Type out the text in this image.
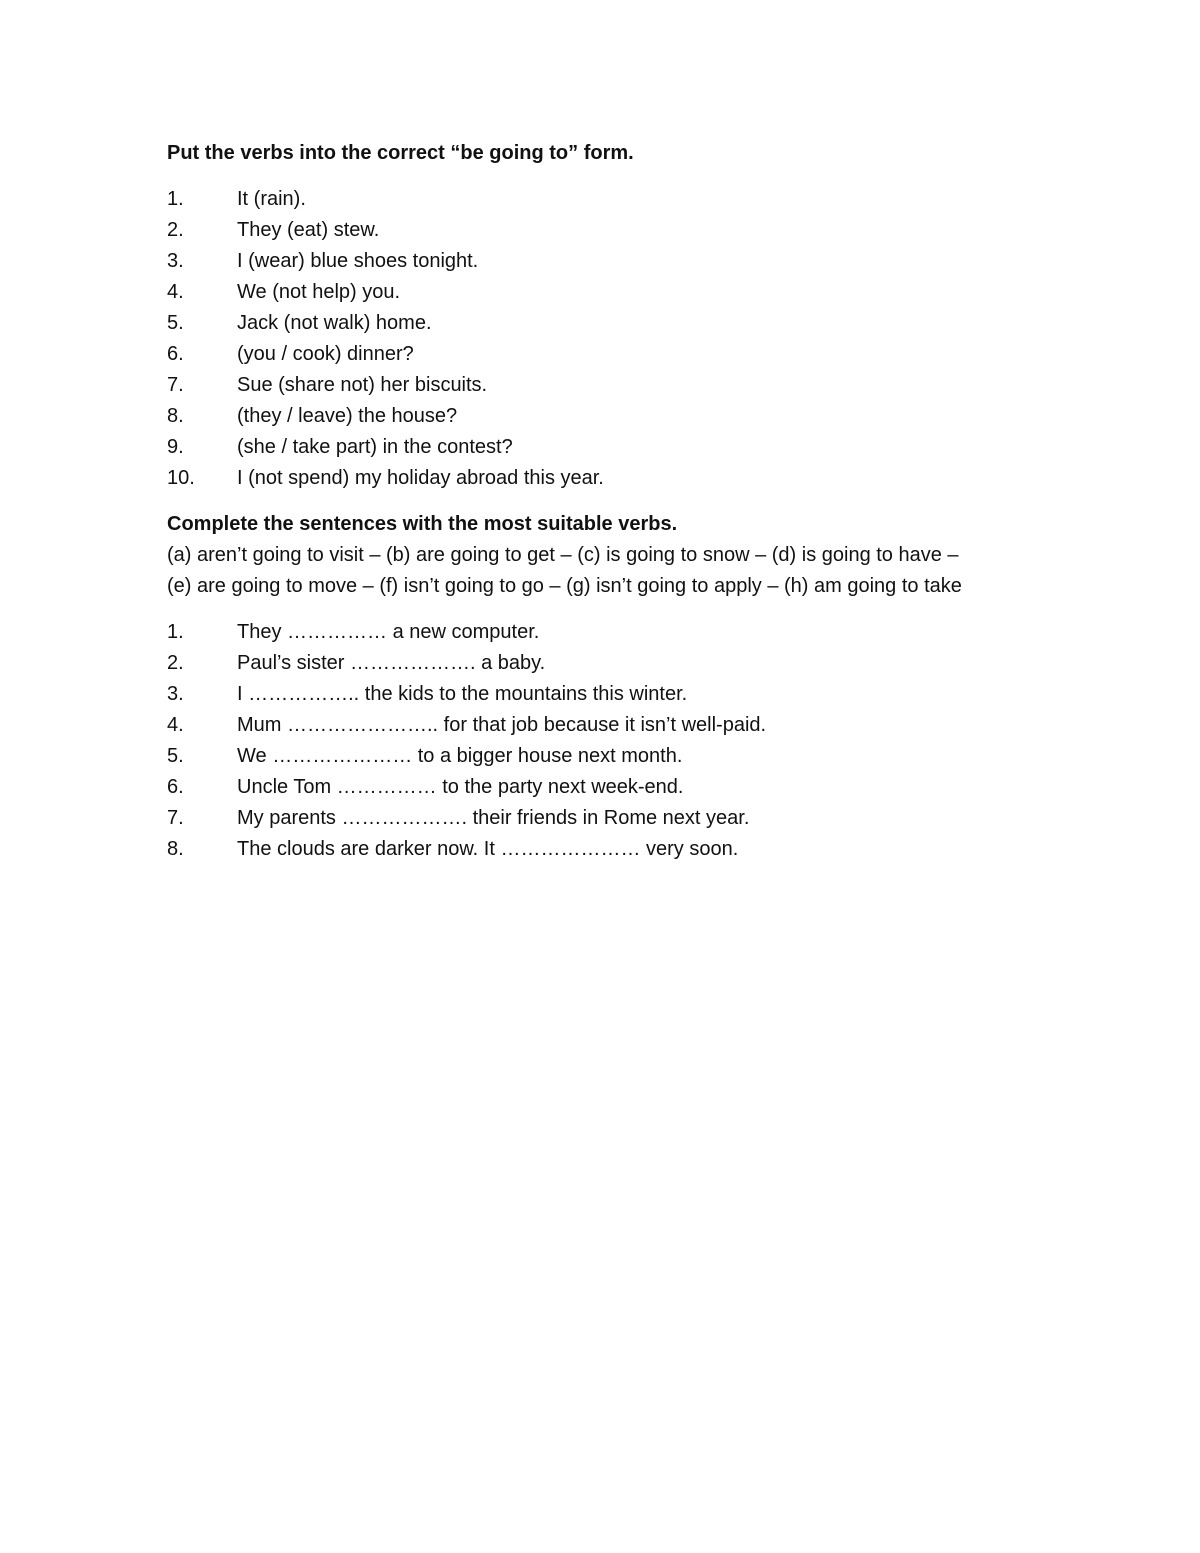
Put the verbs into the correct “be going to” form.

1.	It (rain).
2.	They (eat) stew.
3.	I (wear) blue shoes tonight.
4.	We (not help) you.
5.	Jack (not walk) home.
6.	(you / cook) dinner?
7.	Sue (share not) her biscuits.
8.	(they / leave) the house?
9.	(she / take part) in the contest?
10.	I (not spend) my holiday abroad this year.

Complete the sentences with the most suitable verbs.

(a) aren’t going to visit – (b) are going to get – (c) is going to snow – (d) is going to have –

(e) are going to move – (f) isn’t going to go – (g) isn’t going to apply – (h) am going to take

1.	They …………… a new computer.
2.	Paul’s sister ………………. a baby.
3.	I …………….. the kids to the mountains this winter.
4.	Mum ………………….. for that job because it isn’t well-paid.
5.	We ………………… to a bigger house next month.
6.	Uncle Tom …………… to the party next week-end.
7.	My parents ………………. their friends in Rome next year.
8.	The clouds are darker now. It ………………… very soon.
